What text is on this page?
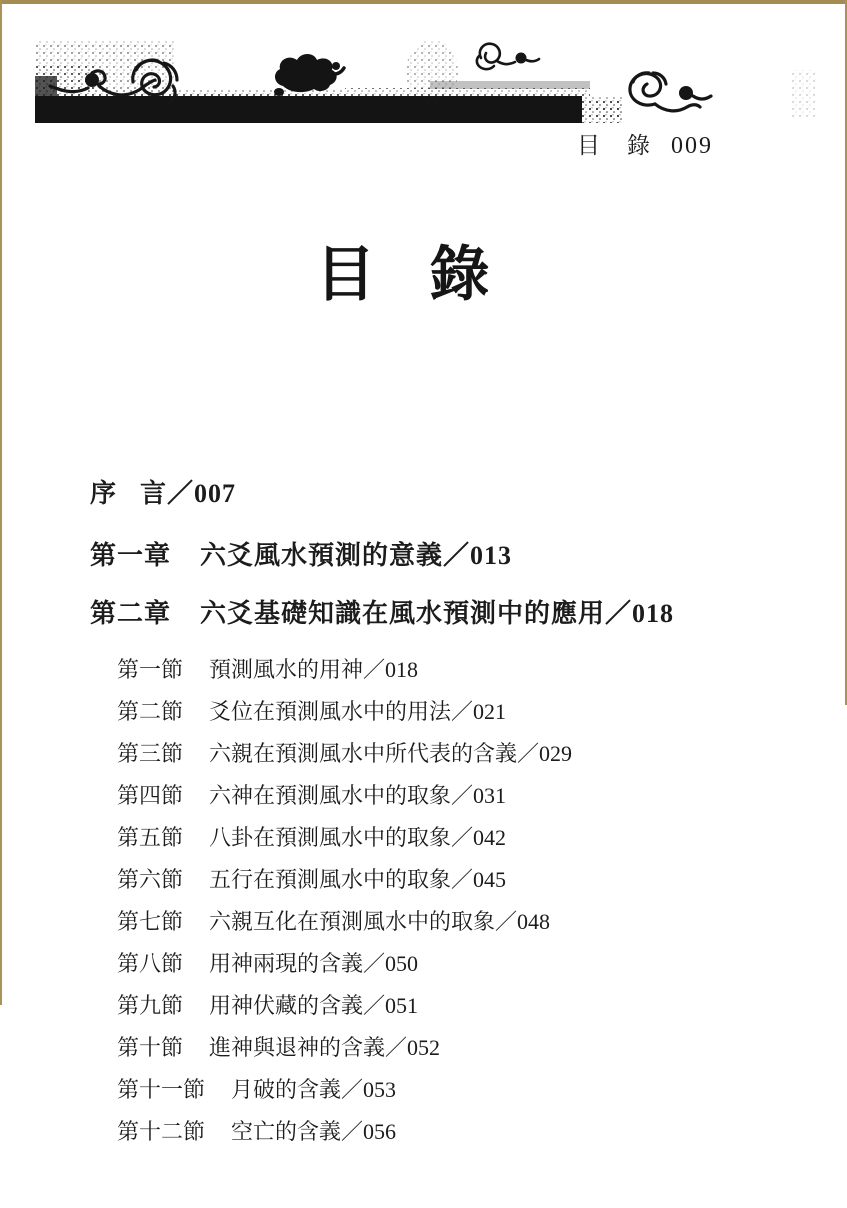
目 錄 009
目 錄
序 言 ／007
第一章 六爻風水預測的意義 ／013
第二章 六爻基礎知識在風水預測中的應用 ／018
第一節 預測風水的用神 ／018
第二節 爻位在預測風水中的用法 ／021
第三節 六親在預測風水中所代表的含義 ／029
第四節 六神在預測風水中的取象 ／031
第五節 八卦在預測風水中的取象 ／042
第六節 五行在預測風水中的取象 ／045
第七節 六親互化在預測風水中的取象 ／048
第八節 用神兩現的含義 ／050
第九節 用神伏藏的含義 ／051
第十節 進神與退神的含義 ／052
第十一節 月破的含義 ／053
第十二節 空亡的含義 ／056
